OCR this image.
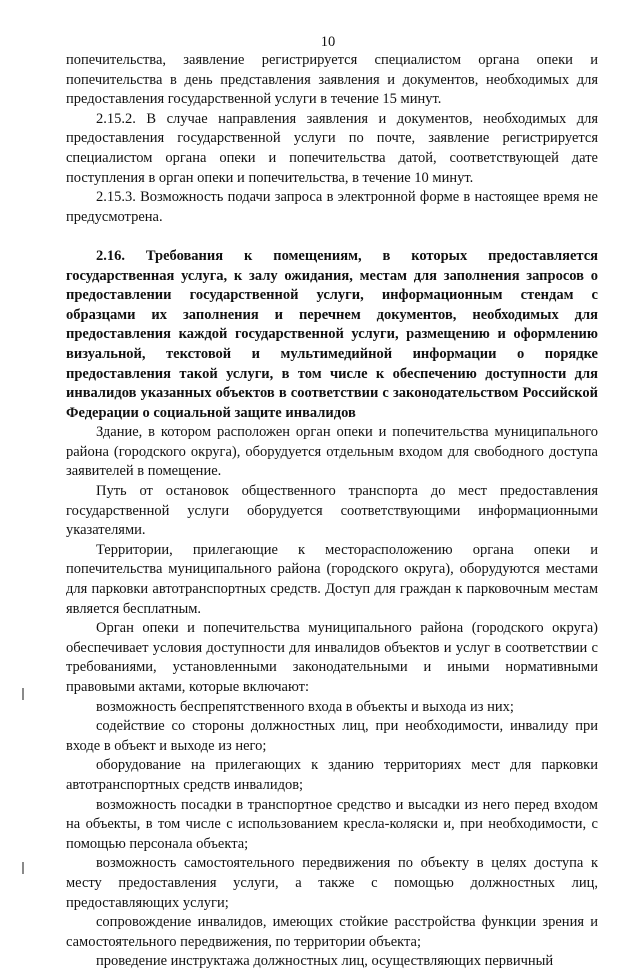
10

попечительства, заявление регистрируется специалистом органа опеки и попечительства в день представления заявления и документов, необходимых для предоставления государственной услуги в течение 15 минут.

2.15.2. В случае направления заявления и документов, необходимых для предоставления государственной услуги по почте, заявление регистрируется специалистом органа опеки и попечительства датой, соответствующей дате поступления в орган опеки и попечительства, в течение 10 минут.

2.15.3. Возможность подачи запроса в электронной форме в настоящее время не предусмотрена.

2.16. Требования к помещениям, в которых предоставляется государственная услуга, к залу ожидания, местам для заполнения запросов о предоставлении государственной услуги, информационным стендам с образцами их заполнения и перечнем документов, необходимых для предоставления каждой государственной услуги, размещению и оформлению визуальной, текстовой и мультимедийной информации о порядке предоставления такой услуги, в том числе к обеспечению доступности для инвалидов указанных объектов в соответствии с законодательством Российской Федерации о социальной защите инвалидов

Здание, в котором расположен орган опеки и попечительства муниципального района (городского округа), оборудуется отдельным входом для свободного доступа заявителей в помещение.

Путь от остановок общественного транспорта до мест предоставления государственной услуги оборудуется соответствующими информационными указателями.

Территории, прилегающие к месторасположению органа опеки и попечительства муниципального района (городского округа), оборудуются местами для парковки автотранспортных средств. Доступ для граждан к парковочным местам является бесплатным.

Орган опеки и попечительства муниципального района (городского округа) обеспечивает условия доступности для инвалидов объектов и услуг в соответствии с требованиями, установленными законодательными и иными нормативными правовыми актами, которые включают:

возможность беспрепятственного входа в объекты и выхода из них;

содействие со стороны должностных лиц, при необходимости, инвалиду при входе в объект и выходе из него;

оборудование на прилегающих к зданию территориях мест для парковки автотранспортных средств инвалидов;

возможность посадки в транспортное средство и высадки из него перед входом на объекты, в том числе с использованием кресла-коляски и, при необходимости, с помощью персонала объекта;

возможность самостоятельного передвижения по объекту в целях доступа к месту предоставления услуги, а также с помощью должностных лиц, предоставляющих услуги;

сопровождение инвалидов, имеющих стойкие расстройства функции зрения и самостоятельного передвижения, по территории объекта;

проведение инструктажа должностных лиц, осуществляющих первичный
